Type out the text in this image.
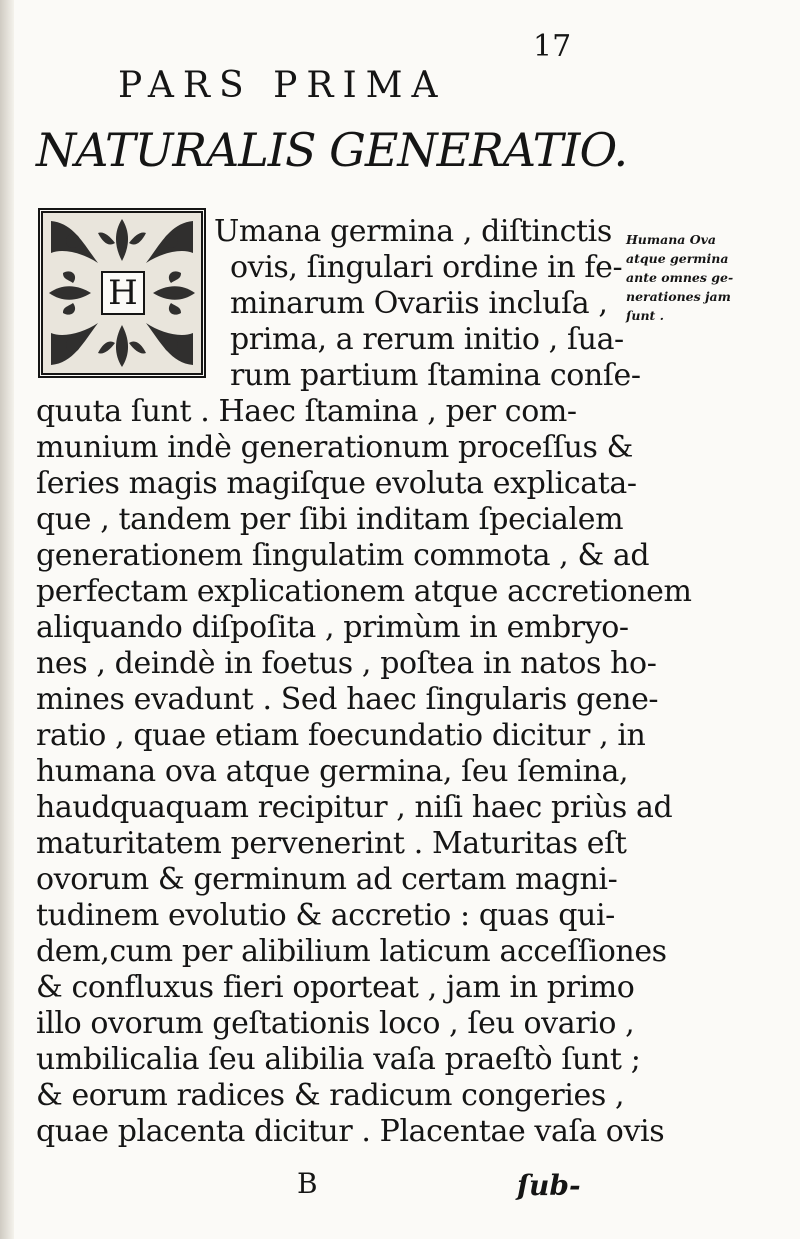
17
PARS PRIMA
NATURALIS GENERATIO.
H
Umana germina , diſtinctis
ovis, ſingulari ordine in fe-
minarum Ovariis incluſa ,
prima, a rerum initio , ſua-
rum partium ſtamina conſe-
quuta ſunt . Haec ſtamina , per com-
munium indè generationum proceſſus &
ſeries magis magiſque evoluta explicata-
que , tandem per ſibi inditam ſpecialem
generationem ſingulatim commota , & ad
perfectam explicationem atque accretionem
aliquando diſpoſita , primùm in embryo-
nes , deindè in foetus , poſtea in natos ho-
mines evadunt . Sed haec ſingularis gene-
ratio , quae etiam foecundatio dicitur , in
humana ova atque germina, ſeu ſemina,
haudquaquam recipitur , niſi haec priùs ad
maturitatem pervenerint . Maturitas eſt
ovorum & germinum ad certam magni-
tudinem evolutio & accretio : quas qui-
dem,cum per alibilium laticum acceſſiones
& confluxus fieri oporteat , jam in primo
illo ovorum geſtationis loco , ſeu ovario ,
umbilicalia ſeu alibilia vaſa praeſtò ſunt ;
& eorum radices & radicum congeries ,
quae placenta dicitur . Placentae vaſa ovis
Humana Ova
atque germina
ante omnes ge-
nerationes jam
ſunt .
B	ſub-
